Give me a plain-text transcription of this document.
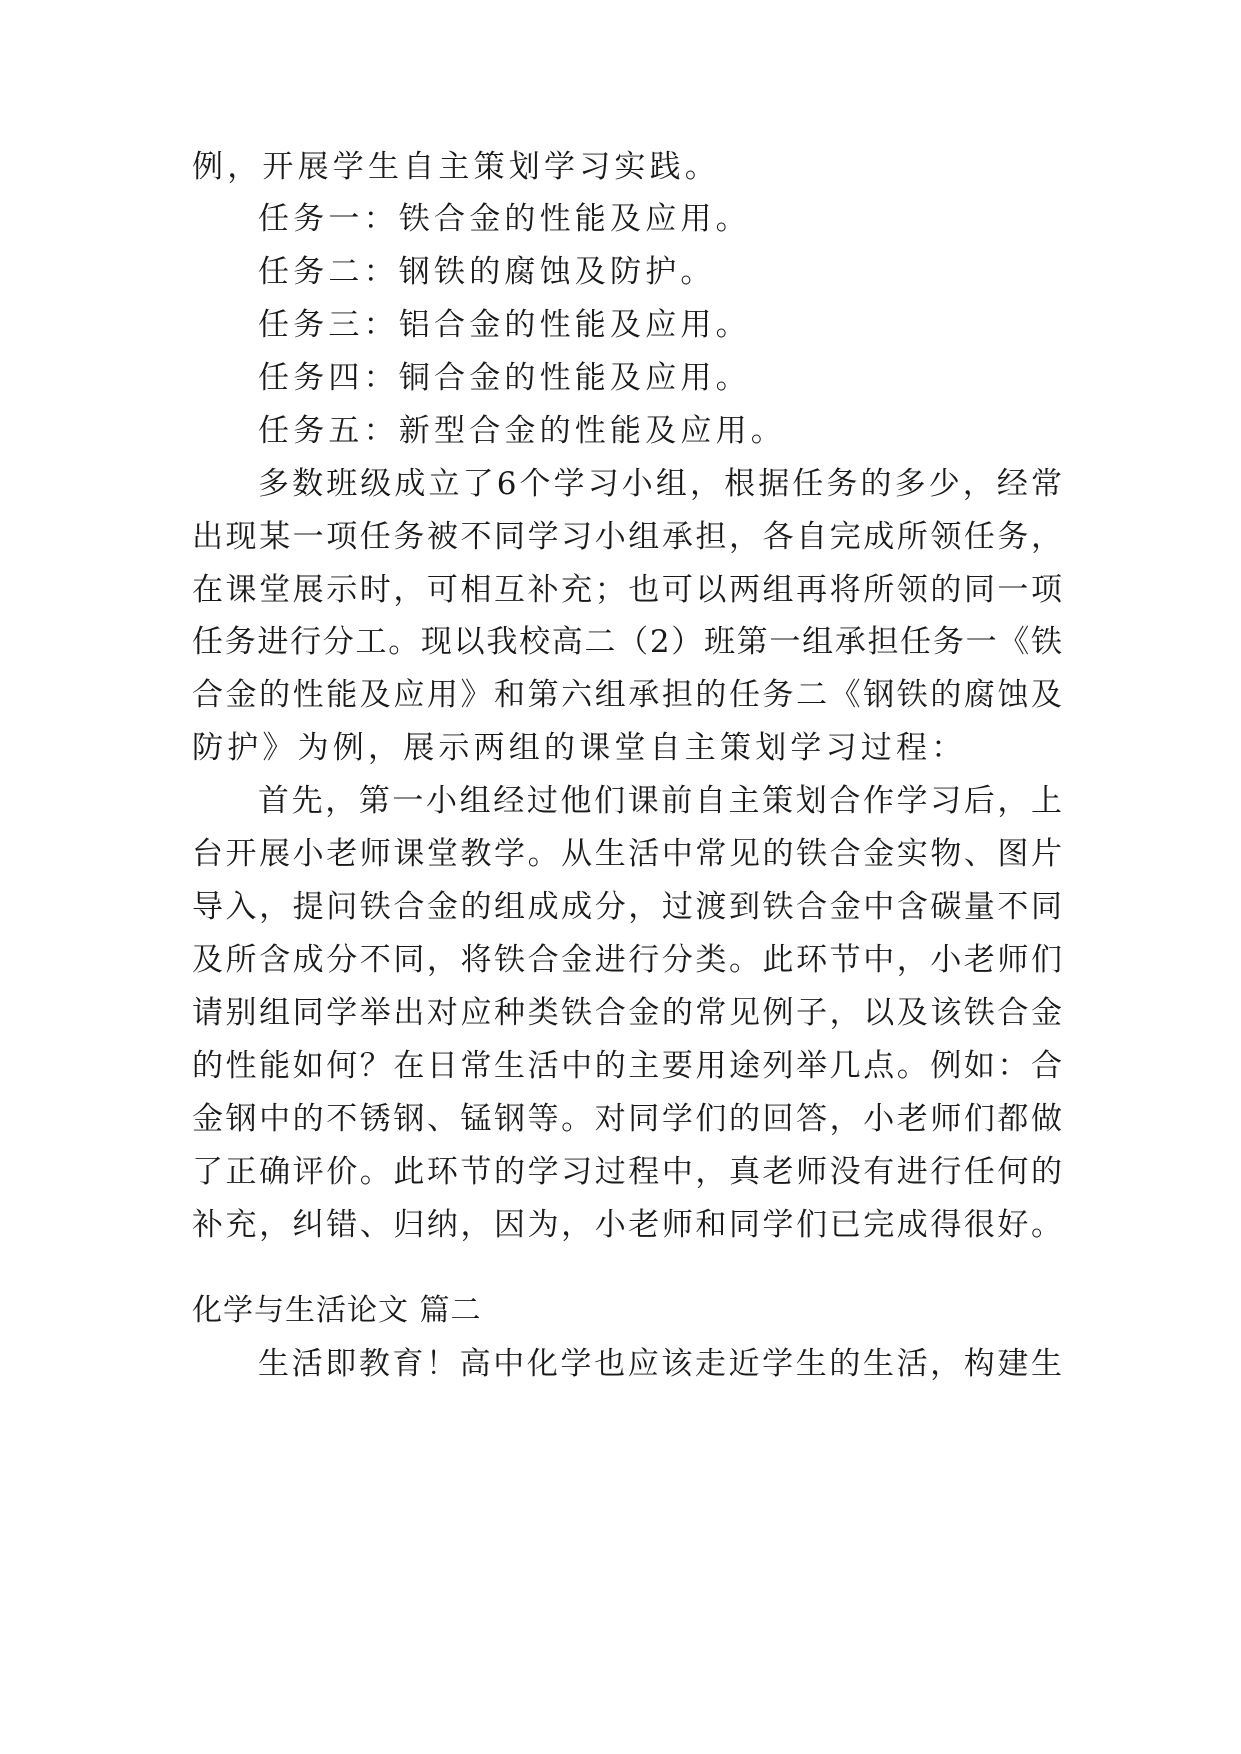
例，开展学生自主策划学习实践。
任务一：铁合金的性能及应用。
任务二：钢铁的腐蚀及防护。
任务三：铝合金的性能及应用。
任务四：铜合金的性能及应用。
任务五：新型合金的性能及应用。
多数班级成立了6个学习小组，根据任务的多少，经常
出现某一项任务被不同学习小组承担，各自完成所领任务，
在课堂展示时，可相互补充；也可以两组再将所领的同一项
任务进行分工。现以我校高二（2）班第一组承担任务一《铁
合金的性能及应用》和第六组承担的任务二《钢铁的腐蚀及
防护》为例，展示两组的课堂自主策划学习过程：
首先，第一小组经过他们课前自主策划合作学习后，上
台开展小老师课堂教学。从生活中常见的铁合金实物、图片
导入，提问铁合金的组成成分，过渡到铁合金中含碳量不同
及所含成分不同，将铁合金进行分类。此环节中，小老师们
请别组同学举出对应种类铁合金的常见例子，以及该铁合金
的性能如何？在日常生活中的主要用途列举几点。例如：合
金钢中的不锈钢、锰钢等。对同学们的回答，小老师们都做
了正确评价。此环节的学习过程中，真老师没有进行任何的
补充，纠错、归纳，因为，小老师和同学们已完成得很好。
化学与生活论文 篇二
生活即教育！高中化学也应该走近学生的生活，构建生
